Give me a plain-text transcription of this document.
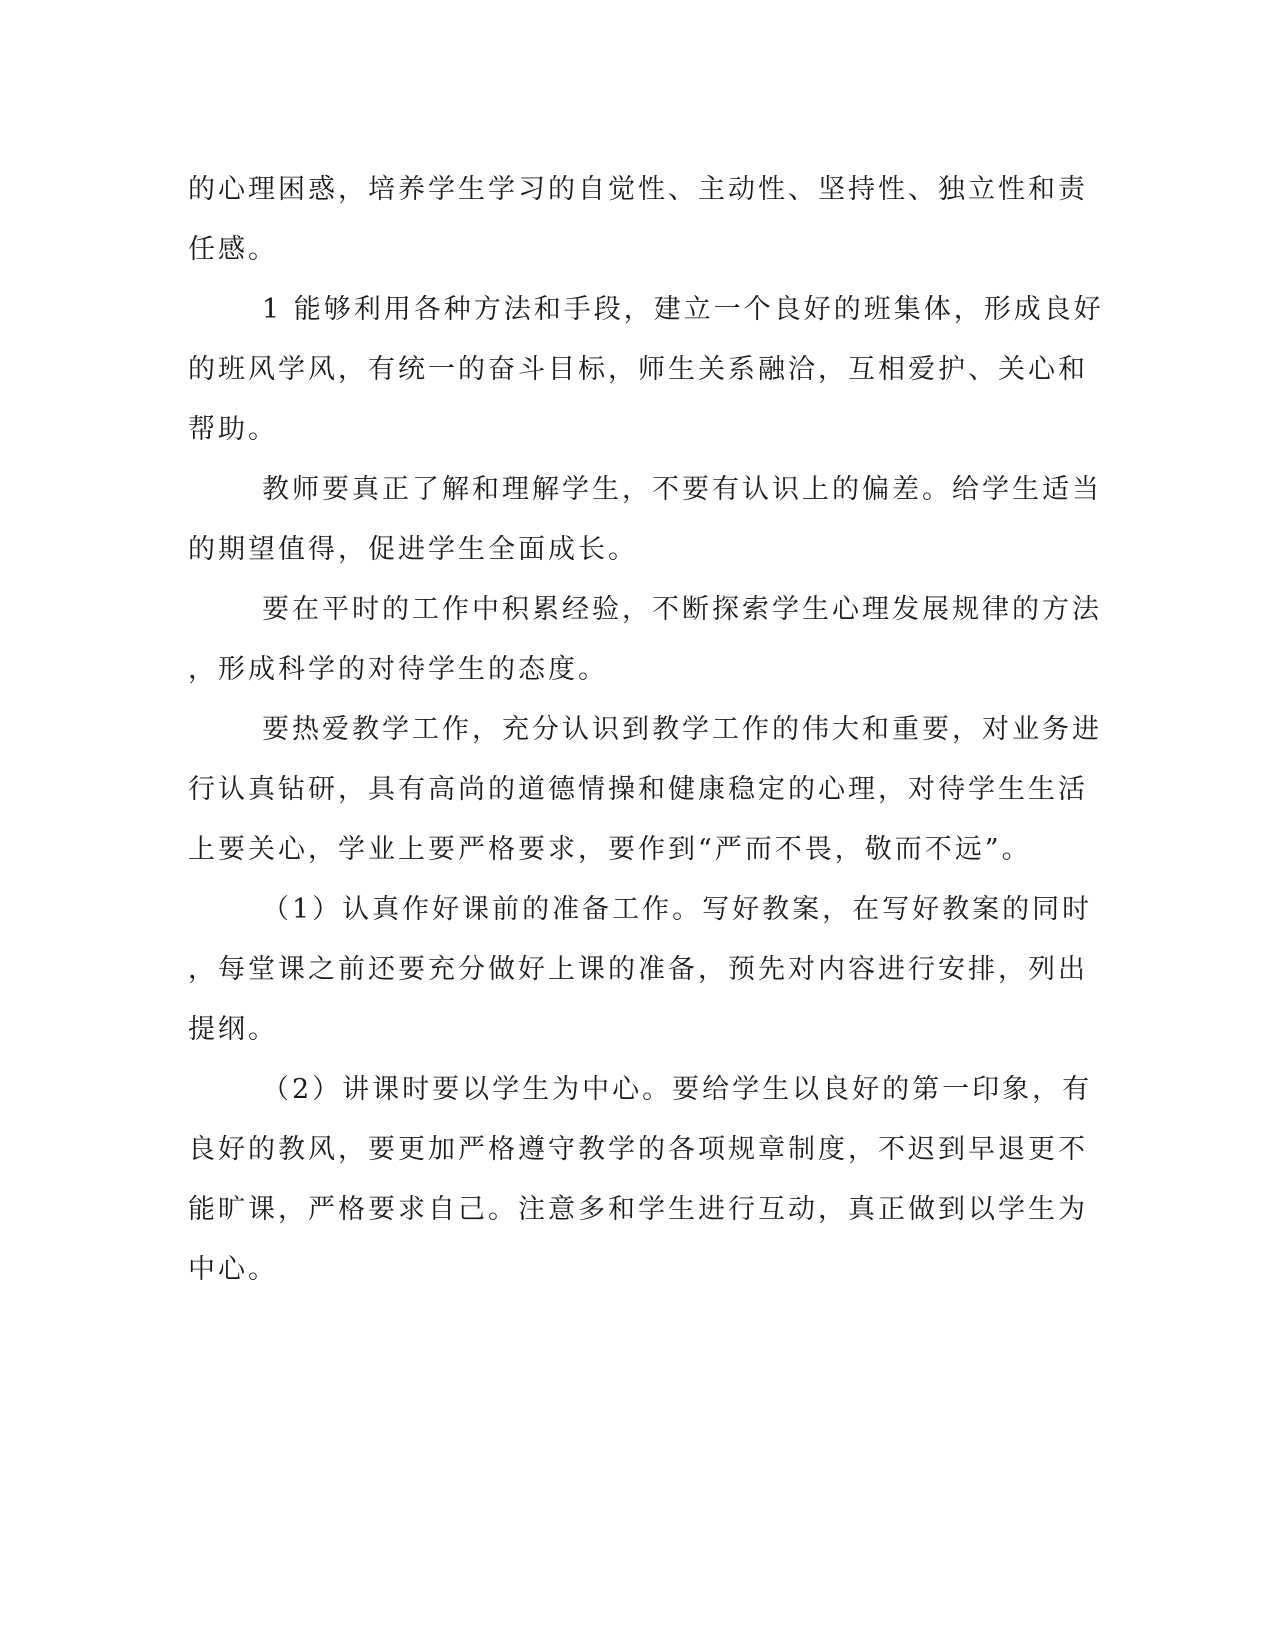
的心理困惑，培养学生学习的自觉性、主动性、坚持性、独立性和责
任感。
1 能够利用各种方法和手段，建立一个良好的班集体，形成良好
的班风学风，有统一的奋斗目标，师生关系融洽，互相爱护、关心和
帮助。
教师要真正了解和理解学生，不要有认识上的偏差。给学生适当
的期望值得，促进学生全面成长。
要在平时的工作中积累经验，不断探索学生心理发展规律的方法
，形成科学的对待学生的态度。
要热爱教学工作，充分认识到教学工作的伟大和重要，对业务进
行认真钻研，具有高尚的道德情操和健康稳定的心理，对待学生生活
上要关心，学业上要严格要求，要作到“严而不畏，敬而不远”。
（1）认真作好课前的准备工作。写好教案，在写好教案的同时
，每堂课之前还要充分做好上课的准备，预先对内容进行安排，列出
提纲。
（2）讲课时要以学生为中心。要给学生以良好的第一印象，有
良好的教风，要更加严格遵守教学的各项规章制度，不迟到早退更不
能旷课，严格要求自己。注意多和学生进行互动，真正做到以学生为
中心。
